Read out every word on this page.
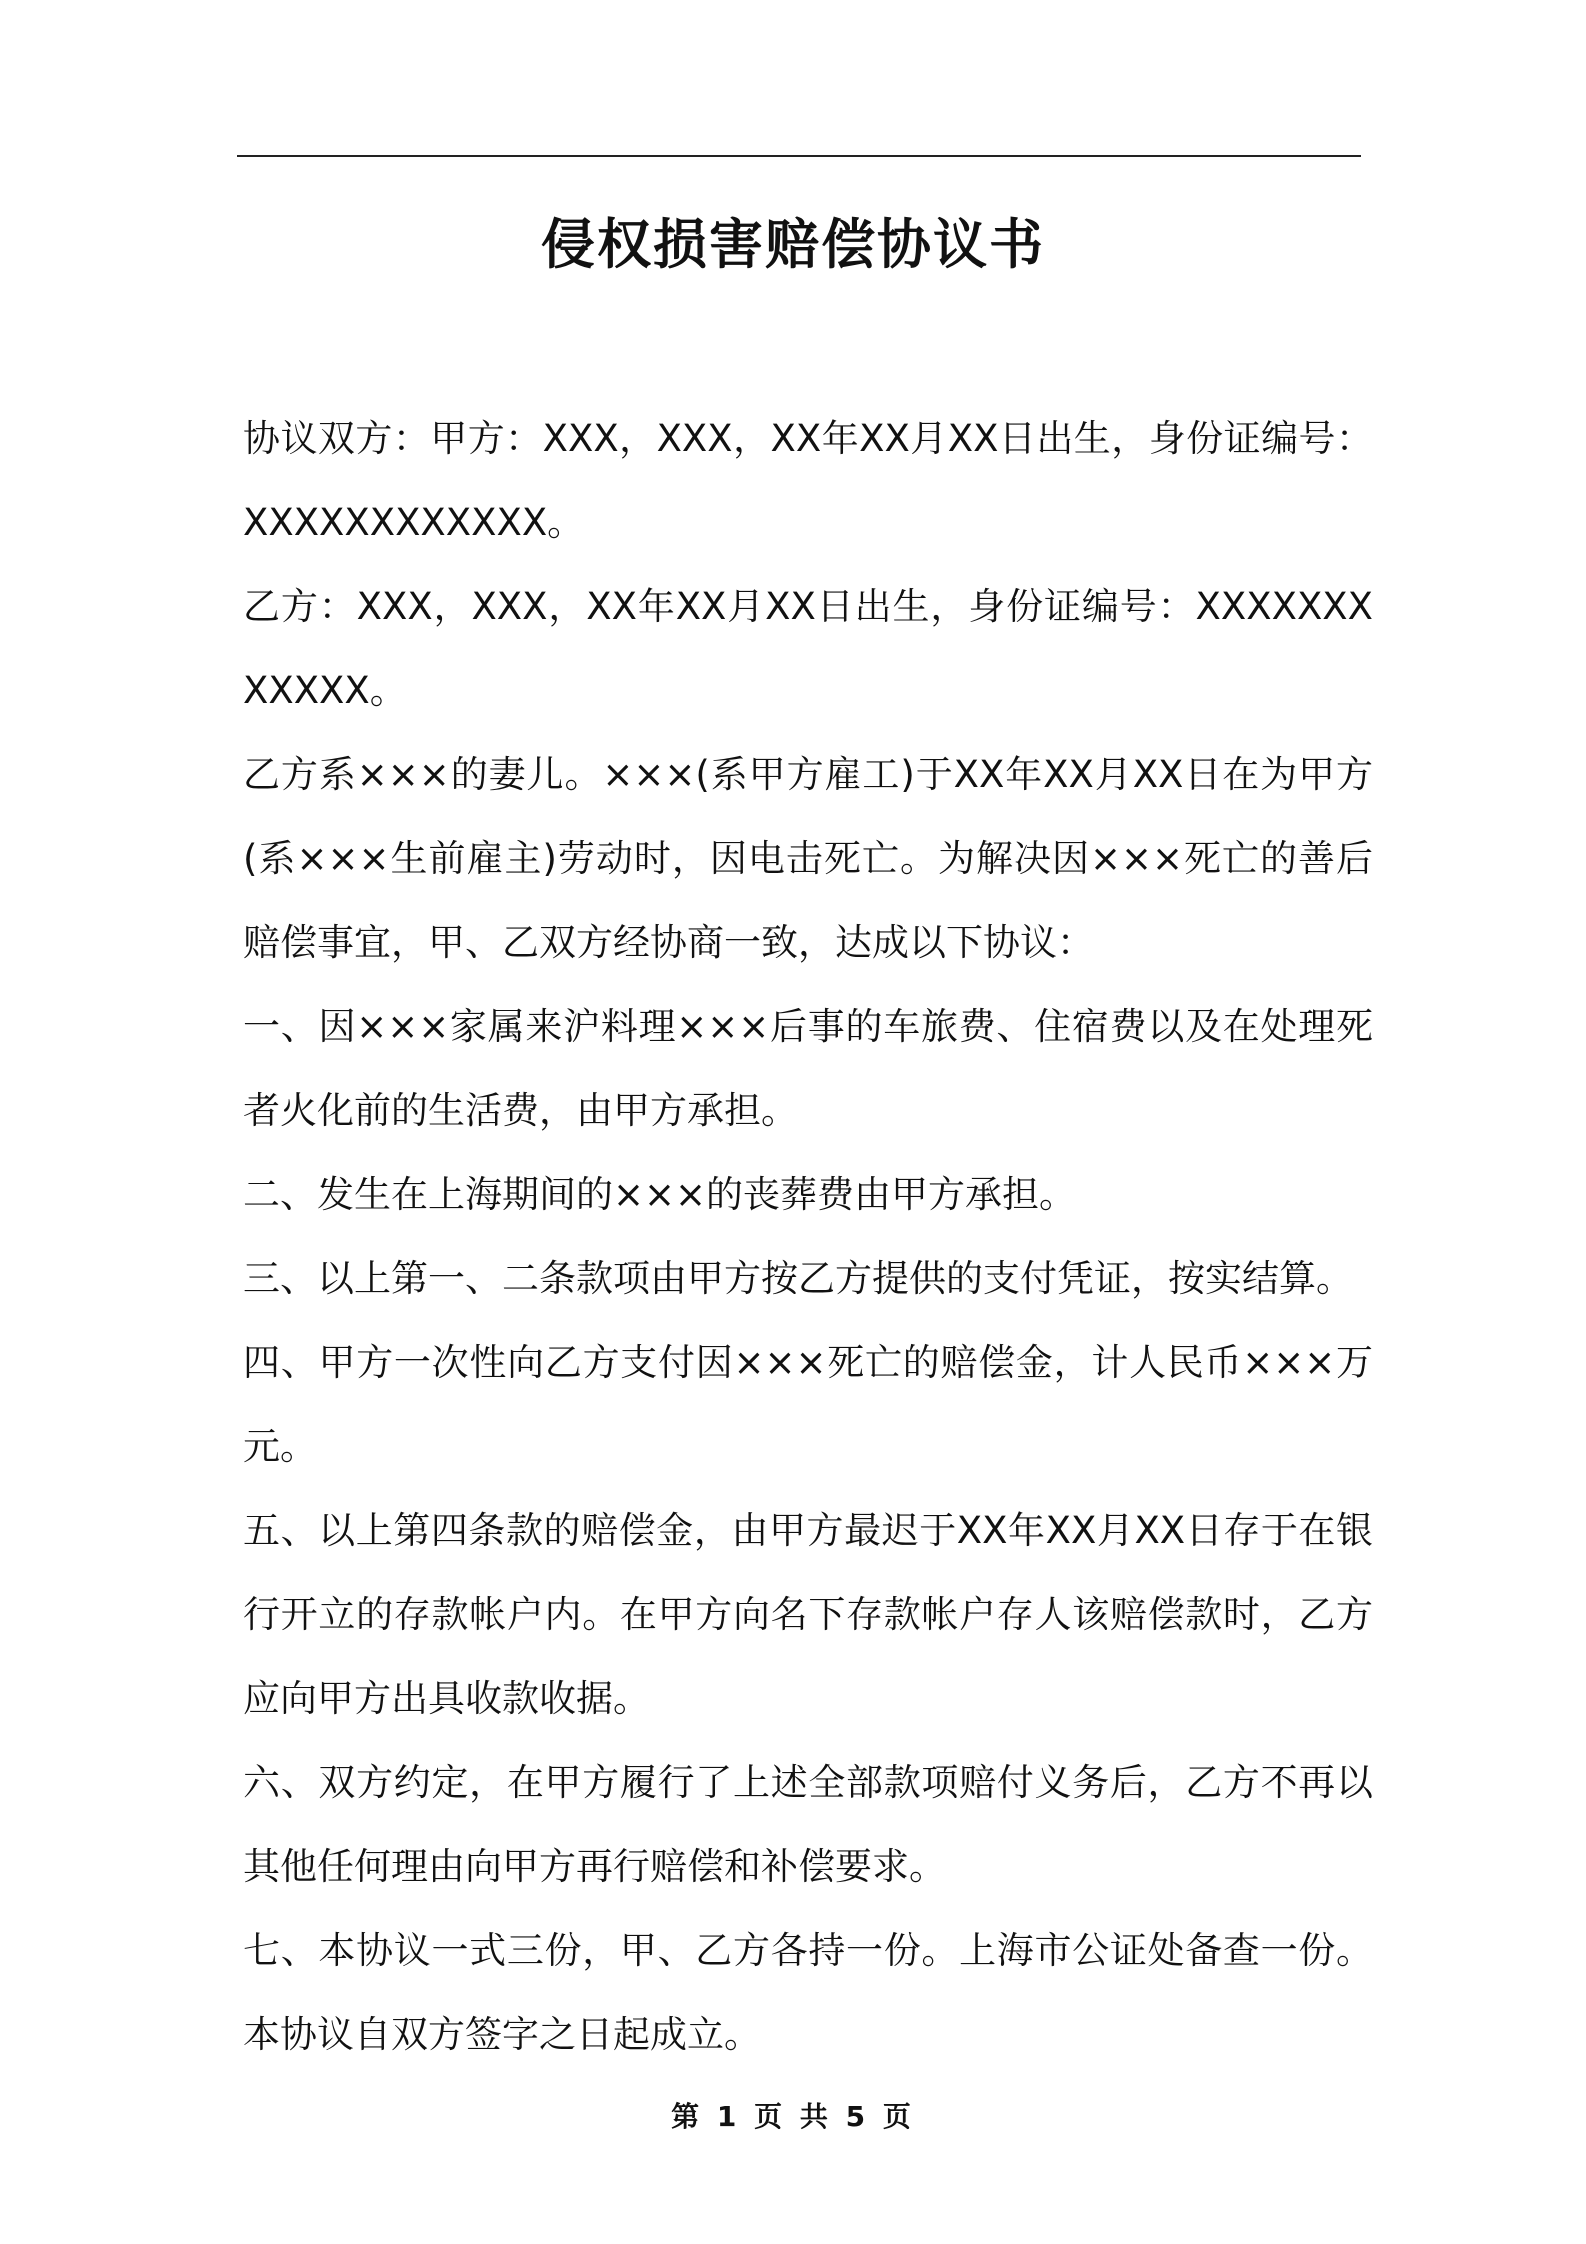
侵权损害赔偿协议书

协议双方：甲方：XXX，XXX，XX年XX月XX日出生，身份证编号：XXXXXXXXXXXX。

乙方：XXX，XXX，XX年XX月XX日出生，身份证编号：XXXXXXXXXXXX。

乙方系×××的妻儿。×××(系甲方雇工)于XX年XX月XX日在为甲方(系×××生前雇主)劳动时，因电击死亡。为解决因×××死亡的善后赔偿事宜，甲、乙双方经协商一致，达成以下协议：

一、因×××家属来沪料理×××后事的车旅费、住宿费以及在处理死者火化前的生活费，由甲方承担。

二、发生在上海期间的×××的丧葬费由甲方承担。

三、以上第一、二条款项由甲方按乙方提供的支付凭证，按实结算。

四、甲方一次性向乙方支付因×××死亡的赔偿金，计人民币×××万元。

五、以上第四条款的赔偿金，由甲方最迟于XX年XX月XX日存于在银行开立的存款帐户内。在甲方向名下存款帐户存人该赔偿款时，乙方应向甲方出具收款收据。

六、双方约定，在甲方履行了上述全部款项赔付义务后，乙方不再以其他任何理由向甲方再行赔偿和补偿要求。

七、本协议一式三份，甲、乙方各持一份。上海市公证处备查一份。本协议自双方签字之日起成立。

第 1 页 共 5 页
